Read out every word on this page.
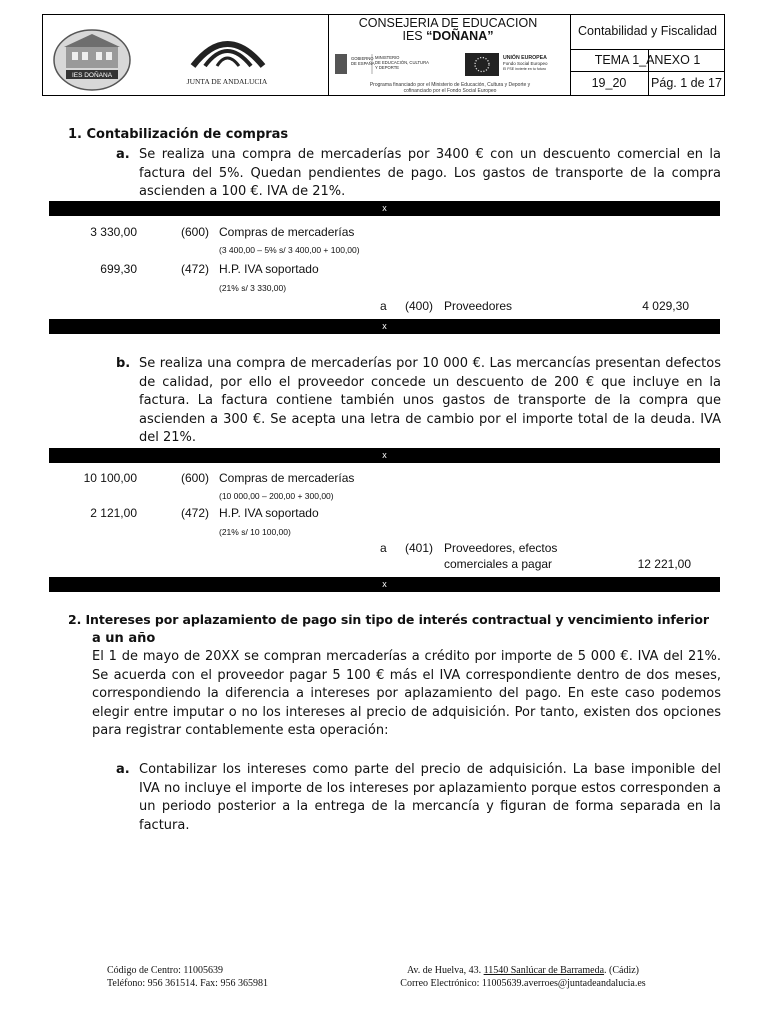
IES DOÑANA
JUNTA DE ANDALUCIA
CONSEJERIA DE EDUCACION
IES “DOÑANA”
GOBIERNO
DE ESPAÑA
MINISTERIO
DE EDUCACIÓN, CULTURA
Y DEPORTE
UNIÓN EUROPEA
Fondo Social Europeo
El FSE invierte en tu futuro
Programa financiado por el Ministerio de Educación, Cultura y Deporte y
cofinanciado por el Fondo Social Europeo
Contabilidad y Fiscalidad
TEMA 1_ANEXO 1
19_20	Pág. 1 de 17
1. Contabilización de compras
a. Se realiza una compra de mercaderías por 3400 € con un descuento comercial en la factura del 5%. Quedan pendientes de pago. Los gastos de transporte de la compra ascienden a 100 €. IVA de 21%.
x
3 330,00	(600) Compras de mercaderías
(3 400,00 – 5% s/ 3 400,00 + 100,00)
699,30	(472) H.P. IVA soportado
(21% s/ 3 330,00)
a (400) Proveedores	4 029,30
x
b. Se realiza una compra de mercaderías por 10 000 €. Las mercancías presentan defectos de calidad, por ello el proveedor concede un descuento de 200 € que incluye en la factura. La factura contiene también unos gastos de transporte de la compra que ascienden a 300 €. Se acepta una letra de cambio por el importe total de la deuda. IVA del 21%.
x
10 100,00	(600) Compras de mercaderías
(10 000,00 – 200,00 + 300,00)
2 121,00	(472) H.P. IVA soportado
(21% s/ 10 100,00)
a (401) Proveedores, efectos
comerciales a pagar	12 221,00
x
2. Intereses por aplazamiento de pago sin tipo de interés contractual y vencimiento inferior
a un año
El 1 de mayo de 20XX se compran mercaderías a crédito por importe de 5 000 €. IVA del 21%. Se acuerda con el proveedor pagar 5 100 € más el IVA correspondiente dentro de dos meses, correspondiendo la diferencia a intereses por aplazamiento del pago. En este caso podemos elegir entre imputar o no los intereses al precio de adquisición. Por tanto, existen dos opciones para registrar contablemente esta operación:
a. Contabilizar los intereses como parte del precio de adquisición. La base imponible del IVA no incluye el importe de los intereses por aplazamiento porque estos corresponden a un periodo posterior a la entrega de la mercancía y figuran de forma separada en la factura.
Código de Centro: 11005639
Teléfono: 956 361514. Fax: 956 365981
Av. de Huelva, 43. 11540 Sanlúcar de Barrameda. (Cádiz)
Correo Electrónico: 11005639.averroes@juntadeandalucia.es
